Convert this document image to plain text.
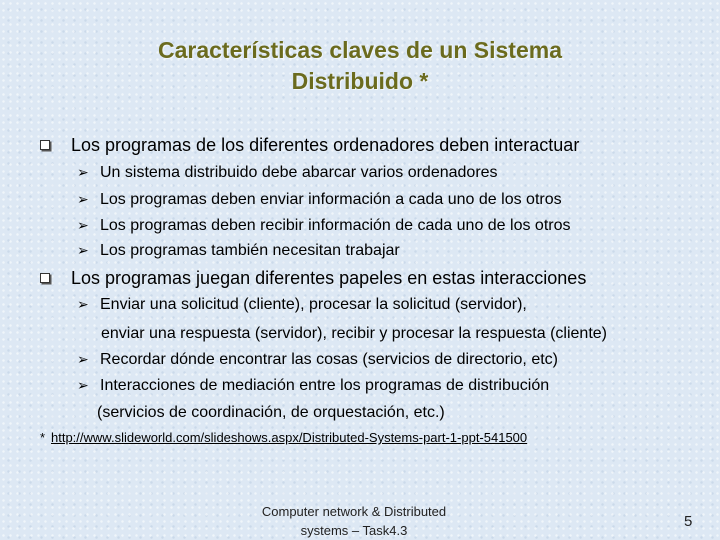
Características claves de un Sistema
Distribuido *
Los programas de los diferentes ordenadores deben interactuar
➢ Un sistema distribuido debe abarcar varios ordenadores
➢ Los programas deben enviar información a cada uno de los otros
➢ Los programas deben recibir información de cada uno de los otros
➢ Los programas también necesitan trabajar
Los programas juegan diferentes papeles en estas interacciones
➢ Enviar una solicitud (cliente), procesar la solicitud (servidor),
enviar una respuesta (servidor), recibir y procesar la respuesta (cliente)
➢ Recordar dónde encontrar las cosas (servicios de directorio, etc)
➢ Interacciones de mediación entre los programas de distribución
(servicios de coordinación, de orquestación, etc.)
* http://www.slideworld.com/slideshows.aspx/Distributed-Systems-part-1-ppt-541500
Computer network & Distributed
systems – Task4.3
5
